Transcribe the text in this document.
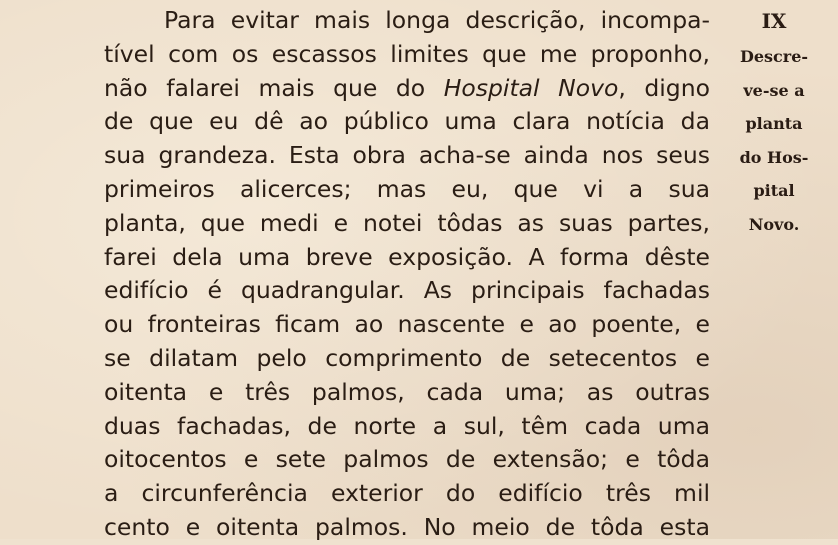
Para evitar mais longa descrição, incompa-
tível com os escassos limites que me proponho,
não falarei mais que do Hospital Novo, digno
de que eu dê ao público uma clara notícia da
sua grandeza. Esta obra acha-se ainda nos seus
primeiros alicerces; mas eu, que vi a sua
planta, que medi e notei tôdas as suas partes,
farei dela uma breve exposição. A forma dêste
edifício é quadrangular. As principais fachadas
ou fronteiras ficam ao nascente e ao poente, e
se dilatam pelo comprimento de setecentos e
oitenta e três palmos, cada uma; as outras
duas fachadas, de norte a sul, têm cada uma
oitocentos e sete palmos de extensão; e tôda
a circunferência exterior do edifício três mil
cento e oitenta palmos. No meio de tôda esta
IX
Descre-
ve-se a
planta
do Hos-
pital
Novo.
